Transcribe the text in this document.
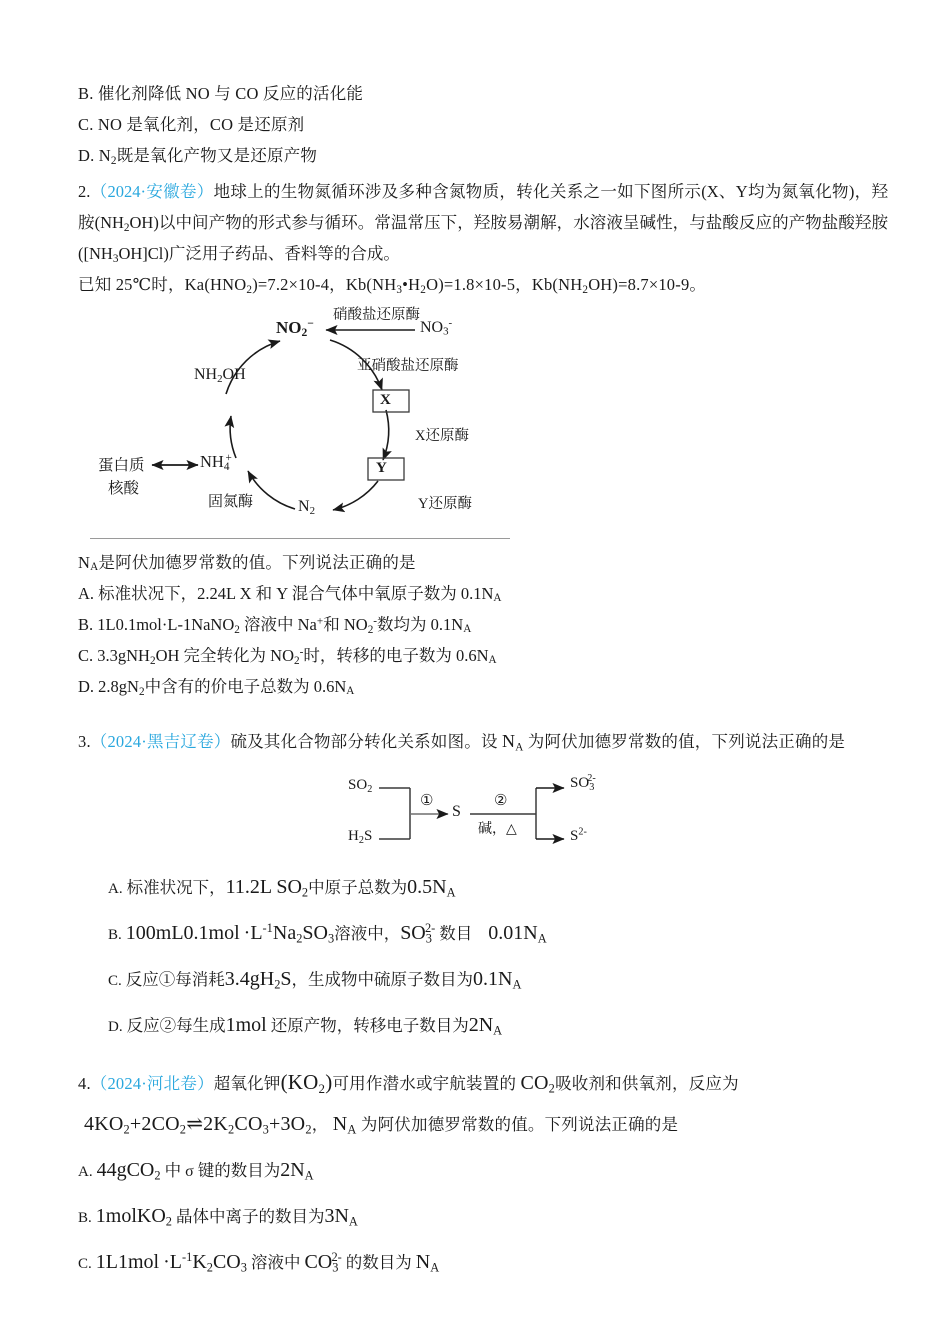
B. 催化剂降低 NO 与 CO 反应的活化能
C. NO 是氧化剂，CO 是还原剂
D. $N_2$既是氧化产物又是还原产物
2.（2024·安徽卷）地球上的生物氮循环涉及多种含氮物质，转化关系之一如下图所示(X、Y均为氮氧化物)，羟胺$(NH_2OH)$以中间产物的形式参与循环。常温常压下，羟胺易潮解，水溶液呈碱性，与盐酸反应的产物盐酸羟胺$([NH_3OH]Cl)$广泛用子药品、香料等的合成。
已知 25℃时，$Ka(HNO_2)=7.2\times 10-4$，$Kb(NH_3•H_2O)=1.8\times 10-5$，$Kb(NH_2OH)=8.7\times 10-9$。
$NO_2^-$	$NO_3^-$
硝酸盐还原酶
亚硝酸盐还原酶
X
Y
X还原酶
Y还原酶
$N_2$
$NH_4^+$
$NH_2OH$
蛋白质
核酸
固氮酶
$N_A$是阿伏加德罗常数的值。下列说法正确的是
A. 标准状况下，2.24L X 和 Y 混合气体中氧原子数为 $0.1N_A$
B. 1L0.1mol·L-1NaNO$_2$ 溶液中 Na+和 $NO_2^-$数均为 $0.1N_A$
C. 3.3gNH$_2$OH 完全转化为 $NO_2^-$时，转移的电子数为 $0.6N_A$
D. $2.8gN_2$中含有的价电子总数为 $0.6N_A$
3.（2024·黑吉辽卷）硫及其化合物部分转化关系如图。设 $N_A$ 为阿伏加德罗常数的值，下列说法正确的是
$SO_2$
$H_2S$
①
S
②
碱，△
$SO_3^{2-}$
$S^{2-}$
A. 标准状况下，11.2L $SO_2$中原子总数为$0.5N_A$
B. $100mL0.1mol \cdot L^{-1}Na_2SO_3$溶液中，$SO_3^{2-}$ 数目 $0.01N_A$
C. 反应①每消耗$3.4gH_2S$，生成物中硫原子数目为$0.1N_A$
D. 反应②每生成1mol 还原产物，转移电子数目为$2N_A$
4.（2024·河北卷）超氧化钾$(KO_2)$可用作潜水或宇航装置的 $CO_2$吸收剂和供氧剂，反应为
$4KO_2+2CO_2\rightleftharpoons 2K_2CO_3+3O_2$， $N_A$ 为阿伏加德罗常数的值。下列说法正确的是
A. 44gCO$_2$ 中 σ 键的数目为$2N_A$
B. 1molKO$_2$ 晶体中离子的数目为$3N_A$
C. $1L1mol \cdot L^{-1}K_2CO_3$ 溶液中 $CO_3^{2-}$ 的数目为 $N_A$
